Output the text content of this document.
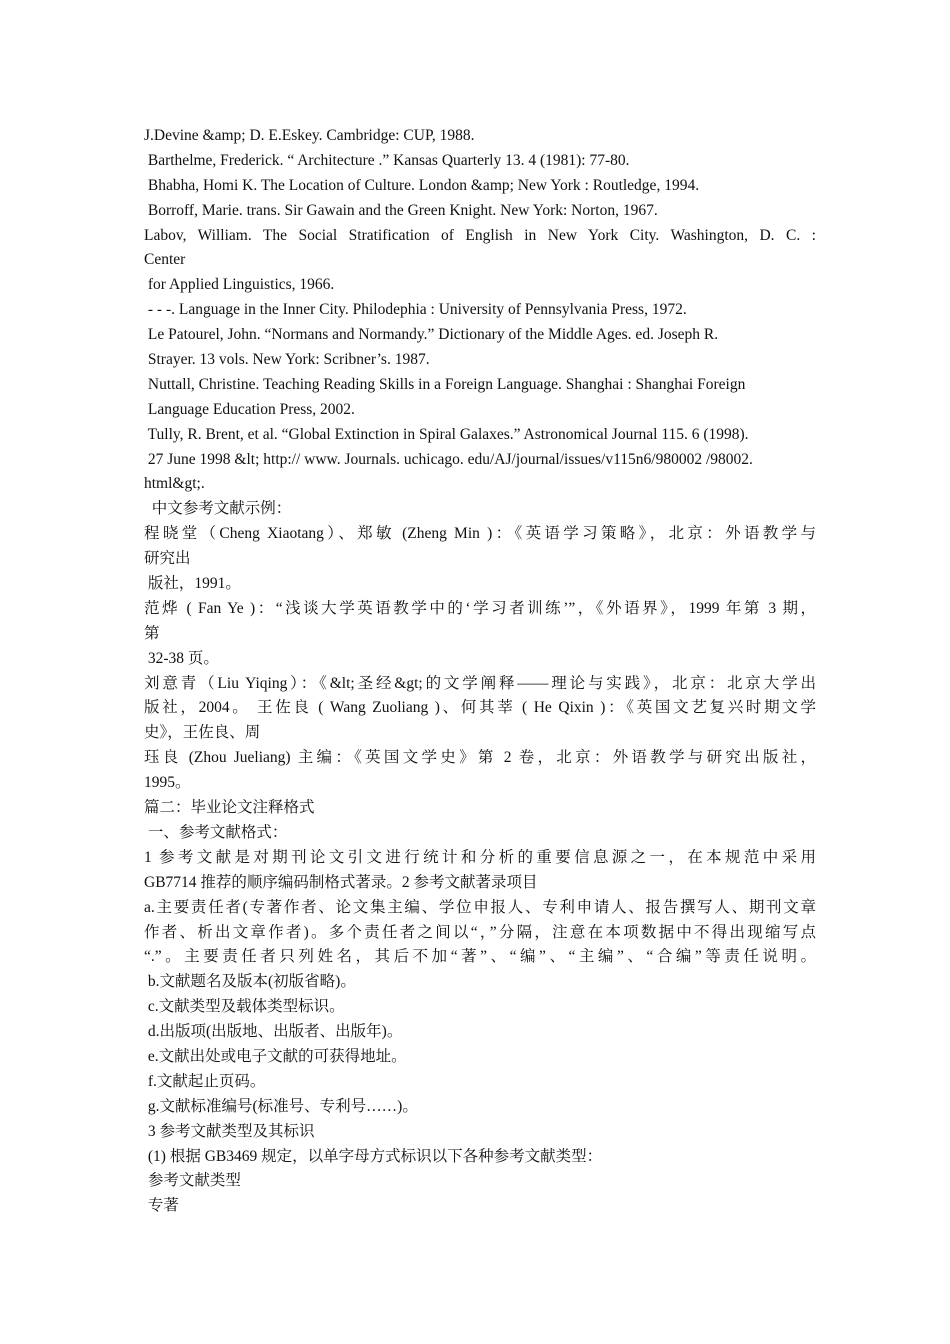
J.Devine &amp; D. E.Eskey. Cambridge: CUP, 1988.
Barthelme, Frederick. “ Architecture .” Kansas Quarterly 13. 4 (1981): 77-80.
Bhabha, Homi K. The Location of Culture. London &amp; New York : Routledge, 1994.
Borroff, Marie. trans. Sir Gawain and the Green Knight. New York: Norton, 1967.
Labov, William. The Social Stratification of English in New York City. Washington, D. C. :
Center
for Applied Linguistics, 1966.
- - -. Language in the Inner City. Philodephia : University of Pennsylvania Press, 1972.
Le Patourel, John. “Normans and Normandy.” Dictionary of the Middle Ages. ed. Joseph R.
Strayer. 13 vols. New York: Scribner’s. 1987.
Nuttall, Christine. Teaching Reading Skills in a Foreign Language. Shanghai : Shanghai Foreign
Language Education Press, 2002.
Tully, R. Brent, et al. “Global Extinction in Spiral Galaxes.” Astronomical Journal 115. 6 (1998).
27 June 1998 &lt; http:// www. Journals. uchicago. edu/AJ/journal/issues/v115n6/980002 /98002.
html&gt;.
中文参考文献示例：
程晓堂（Cheng Xiaotang）、郑敏 (Zheng Min )：《英语学习策略》，北京：外语教学与
研究出
版社，1991。
范烨 ( Fan Ye )：“浅谈大学英语教学中的‘学习者训练’”，《外语界》，1999 年第 3 期，
第
32-38 页。
刘意青（Liu Yiqing）：《&lt;圣经&gt;的文学阐释——理论与实践》，北京：北京大学出
版社，2004。 王佐良 ( Wang Zuoliang )、何其莘 ( He Qixin )：《英国文艺复兴时期文学
史》，王佐良、周
珏良 (Zhou Jueliang) 主编：《英国文学史》第 2 卷，北京：外语教学与研究出版社，
1995。
篇二：毕业论文注释格式
一、参考文献格式：
1 参考文献是对期刊论文引文进行统计和分析的重要信息源之一，在本规范中采用
GB7714 推荐的顺序编码制格式著录。2 参考文献著录项目
a.主要责任者(专著作者、论文集主编、学位申报人、专利申请人、报告撰写人、期刊文章
作者、析出文章作者)。多个责任者之间以“，”分隔，注意在本项数据中不得出现缩写点
“.”。主要责任者只列姓名，其后不加“著”、“编”、“主编”、“合编”等责任说明。
b.文献题名及版本(初版省略)。
c.文献类型及载体类型标识。
d.出版项(出版地、出版者、出版年)。
e.文献出处或电子文献的可获得地址。
f.文献起止页码。
g.文献标准编号(标准号、专利号……)。
3 参考文献类型及其标识
(1) 根据 GB3469 规定，以单字母方式标识以下各种参考文献类型：
参考文献类型
专著
